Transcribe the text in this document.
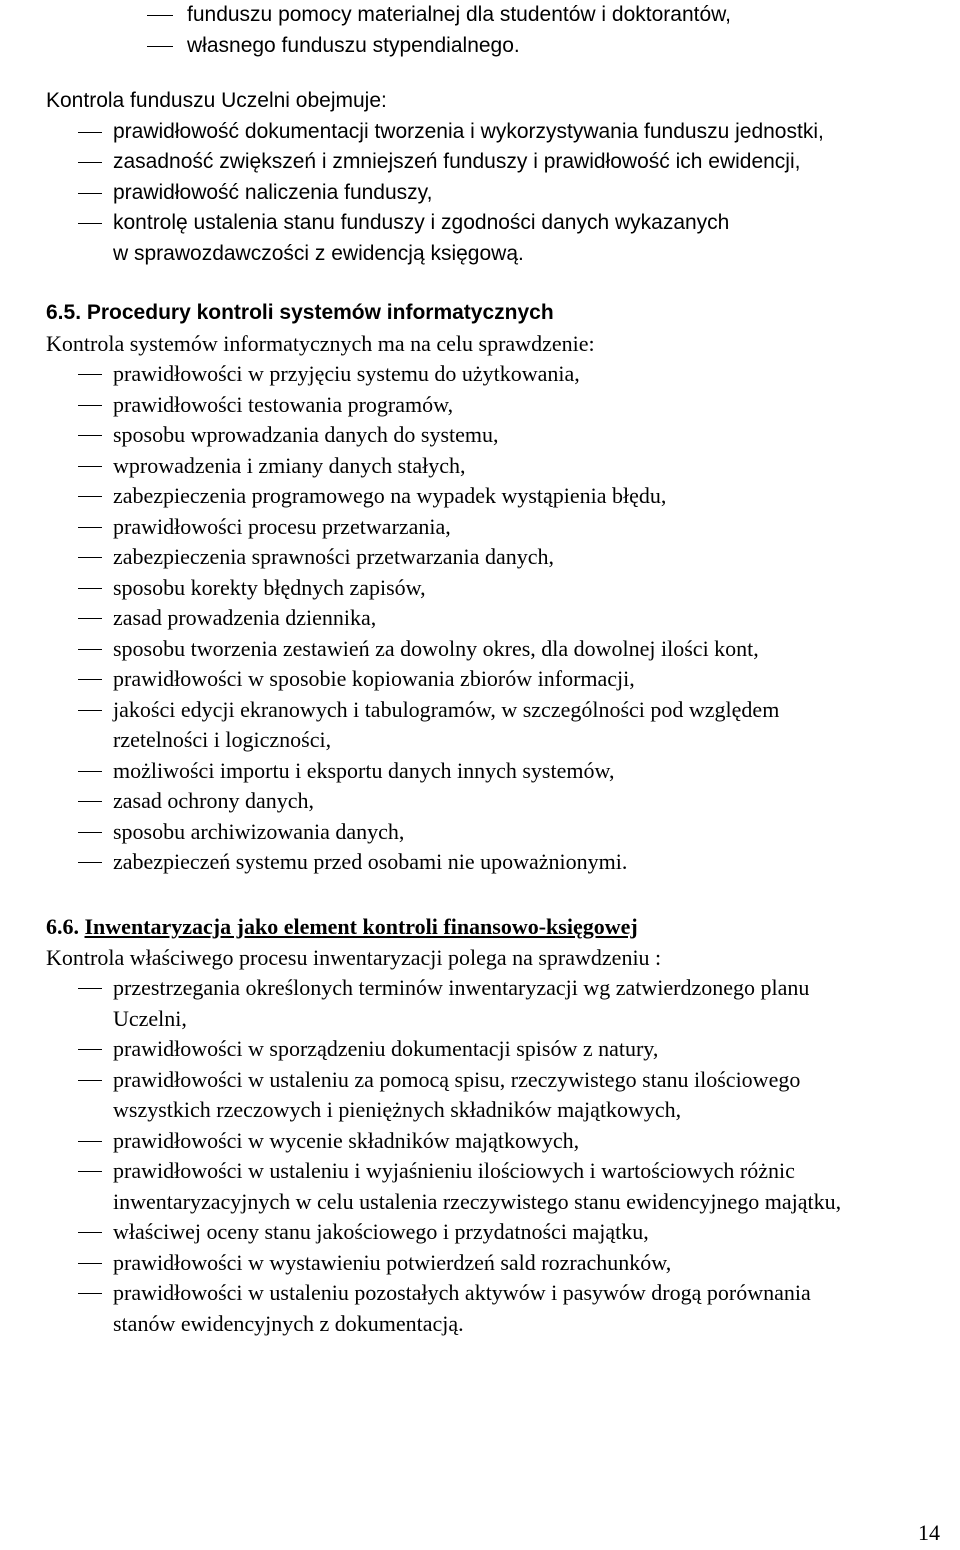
funduszu pomocy materialnej dla studentów i doktorantów,
własnego funduszu stypendialnego.
Kontrola funduszu Uczelni obejmuje:
prawidłowość dokumentacji tworzenia i wykorzystywania funduszu jednostki,
zasadność zwiększeń i zmniejszeń funduszy i prawidłowość ich ewidencji,
prawidłowość naliczenia funduszy,
kontrolę ustalenia stanu funduszy i zgodności danych wykazanych
w sprawozdawczości z ewidencją księgową.
6.5. Procedury kontroli systemów informatycznych
Kontrola systemów informatycznych ma na celu sprawdzenie:
prawidłowości w przyjęciu systemu do użytkowania,
prawidłowości testowania programów,
sposobu wprowadzania danych do systemu,
wprowadzenia i zmiany danych stałych,
zabezpieczenia programowego na wypadek wystąpienia błędu,
prawidłowości procesu przetwarzania,
zabezpieczenia sprawności przetwarzania danych,
sposobu korekty błędnych zapisów,
zasad prowadzenia dziennika,
sposobu tworzenia zestawień za dowolny okres, dla dowolnej ilości kont,
prawidłowości w sposobie kopiowania zbiorów informacji,
jakości edycji ekranowych i tabulogramów, w szczególności pod względem
rzetelności i logiczności,
możliwości importu i eksportu danych innych systemów,
zasad ochrony danych,
sposobu archiwizowania danych,
zabezpieczeń systemu przed osobami nie upoważnionymi.
6.6. Inwentaryzacja jako element kontroli finansowo-księgowej
Kontrola właściwego procesu inwentaryzacji polega na sprawdzeniu :
przestrzegania określonych terminów inwentaryzacji wg zatwierdzonego planu
Uczelni,
prawidłowości w sporządzeniu dokumentacji spisów z natury,
prawidłowości w ustaleniu za pomocą spisu, rzeczywistego stanu ilościowego
wszystkich rzeczowych i pieniężnych składników majątkowych,
prawidłowości w wycenie składników majątkowych,
prawidłowości w ustaleniu i wyjaśnieniu ilościowych i wartościowych różnic
inwentaryzacyjnych w celu ustalenia rzeczywistego stanu ewidencyjnego majątku,
właściwej oceny stanu jakościowego i przydatności majątku,
prawidłowości w wystawieniu potwierdzeń sald rozrachunków,
prawidłowości w ustaleniu pozostałych aktywów i pasywów drogą porównania
stanów ewidencyjnych z dokumentacją.
14
